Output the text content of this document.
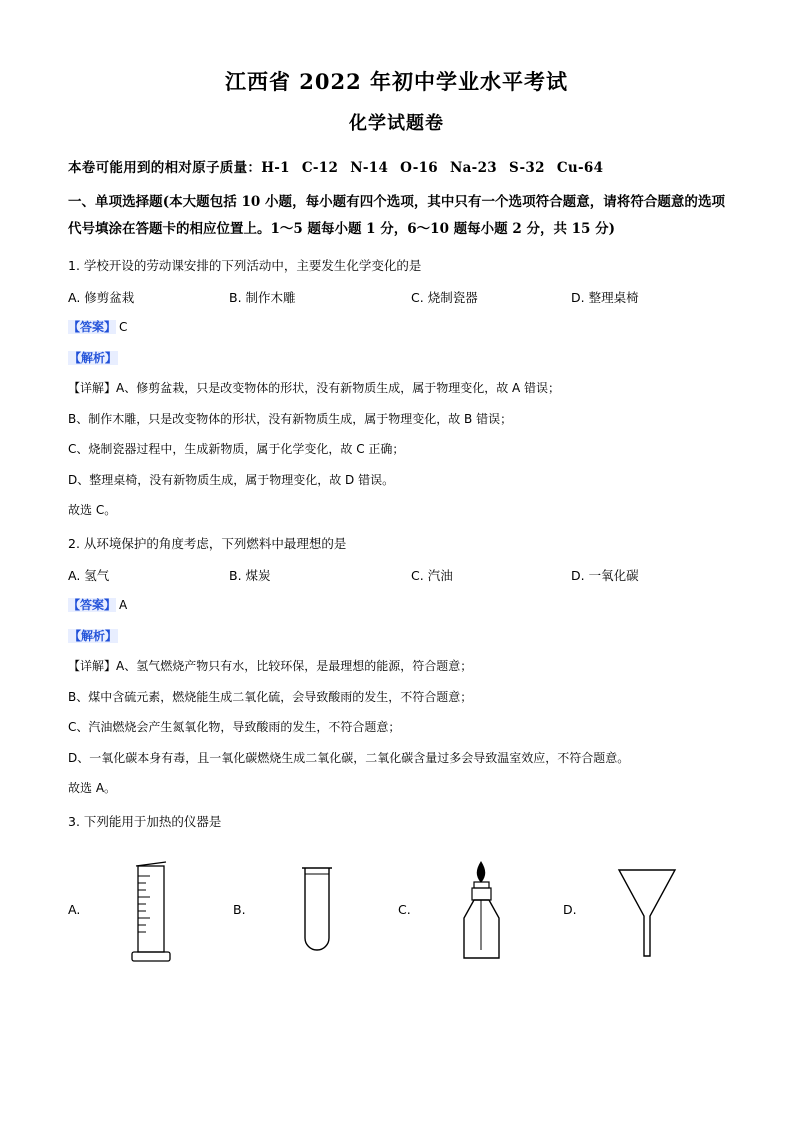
江西省 2022 年初中学业水平考试
化学试题卷
本卷可能用到的相对原子质量：H-1 C-12 N-14 O-16 Na-23 S-32 Cu-64
一、单项选择题(本大题包括 10 小题，每小题有四个选项，其中只有一个选项符合题意，请将符合题意的选项代号填涂在答题卡的相应位置上。1～5 题每小题 1 分，6～10 题每小题 2 分，共 15 分)
1. 学校开设的劳动课安排的下列活动中，主要发生化学变化的是
A. 修剪盆栽	B. 制作木雕	C. 烧制瓷器	D. 整理桌椅
【答案】 C
【解析】
【详解】A、修剪盆栽，只是改变物体的形状，没有新物质生成，属于物理变化，故 A 错误；
B、制作木雕，只是改变物体的形状，没有新物质生成，属于物理变化，故 B 错误；
C、烧制瓷器过程中，生成新物质，属于化学变化，故 C 正确；
D、整理桌椅，没有新物质生成，属于物理变化，故 D 错误。
故选 C。
2. 从环境保护的角度考虑，下列燃料中最理想的是
A. 氢气	B. 煤炭	C. 汽油	D. 一氧化碳
【答案】 A
【解析】
【详解】A、氢气燃烧产物只有水，比较环保，是最理想的能源，符合题意；
B、煤中含硫元素，燃烧能生成二氧化硫，会导致酸雨的发生，不符合题意；
C、汽油燃烧会产生氮氧化物，导致酸雨的发生，不符合题意；
D、一氧化碳本身有毒，且一氧化碳燃烧生成二氧化碳，二氧化碳含量过多会导致温室效应，不符合题意。
故选 A。
3. 下列能用于加热的仪器是
A.	B.	C.	D.
